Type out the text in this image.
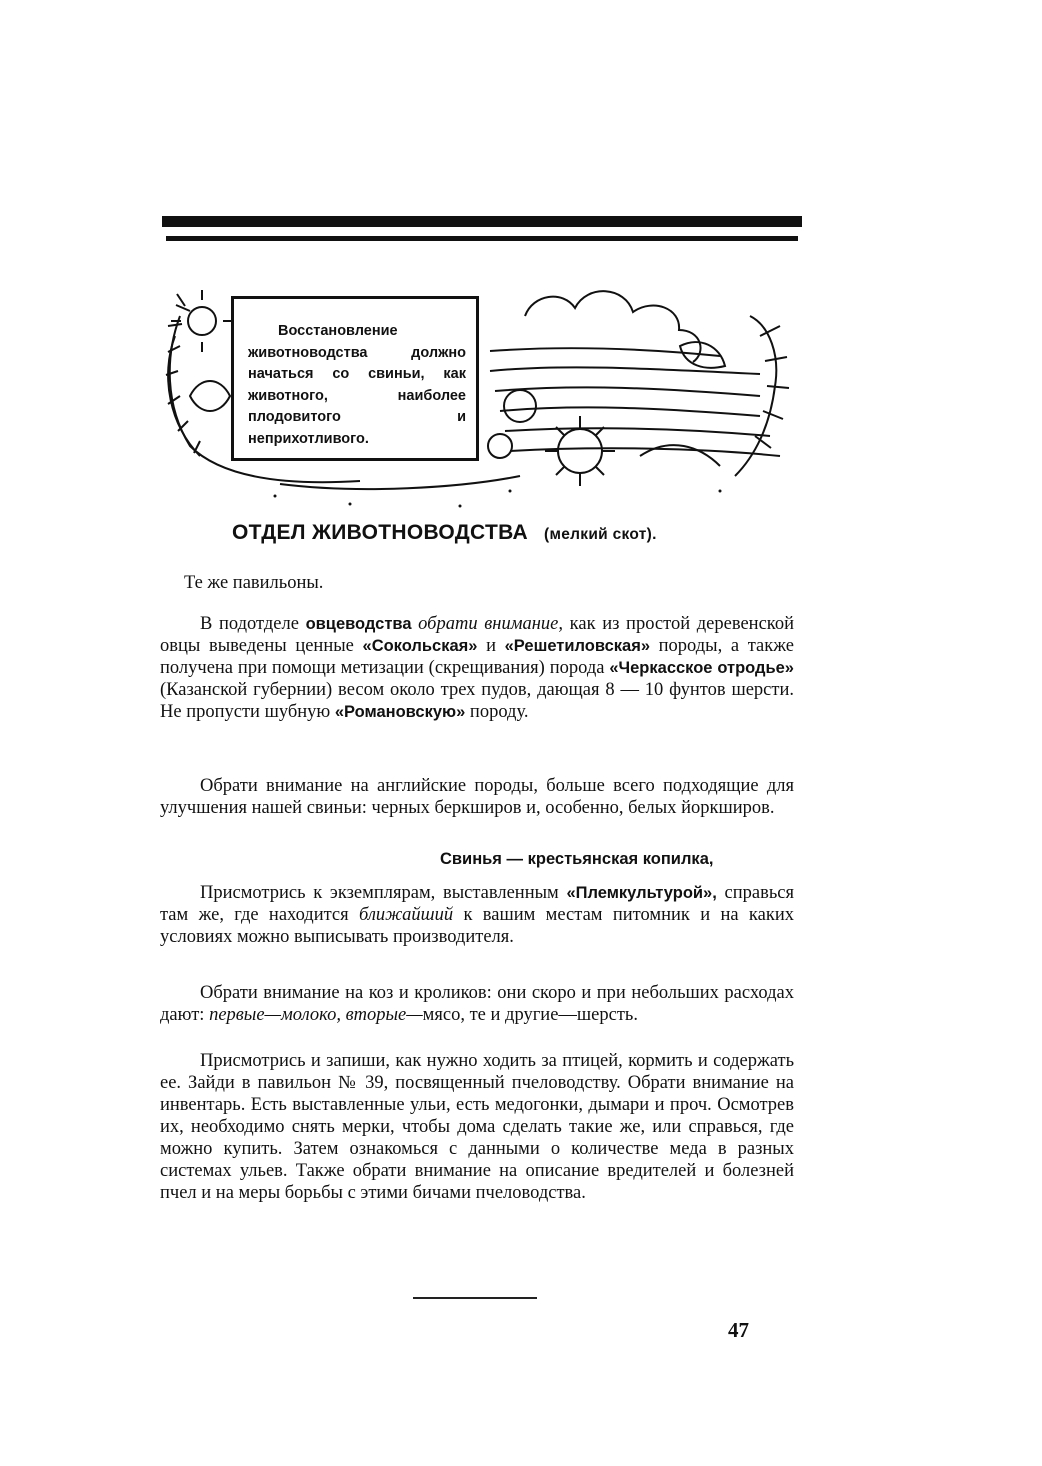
Восстановление животноводства должно начаться со свиньи, как животного, наиболее плодовитого и неприхотливого.

ОТДЕЛ ЖИВОТНОВОДСТВА (мелкий скот).
Те же павильоны.
В подотделе овцеводства обрати внимание, как из простой деревенской овцы выведены ценные «Сокольская» и «Решетиловская» породы, а также получена при помощи метизации (скрещивания) порода «Черкасское отродье» (Казанской губернии) весом около трех пудов, дающая 8 — 10 фунтов шерсти. Не пропусти шубную «Романовскую» породу.
Обрати внимание на английские породы, больше всего подходящие для улучшения нашей свиньи: черных беркширов и, особенно, белых йоркширов.
Свинья — крестьянская копилка,
Присмотрись к экземплярам, выставленным «Племкультурой», справься там же, где находится ближайший к вашим местам питомник и на каких условиях можно выписывать производителя.
Обрати внимание на коз и кроликов: они скоро и при небольших расходах дают: первые—молоко, вторые—мясо, те и другие—шерсть.
Присмотрись и запиши, как нужно ходить за птицей, кормить и содержать ее. Зайди в павильон № 39, посвященный пчеловодству. Обрати внимание на инвентарь. Есть выставленные ульи, есть медогонки, дымари и проч. Осмотрев их, необходимо снять мерки, чтобы дома сделать такие же, или справься, где можно купить. Затем ознакомься с данными о количестве меда в разных системах ульев. Также обрати внимание на описание вредителей и болезней пчел и на меры борьбы с этими бичами пчеловодства.
47
